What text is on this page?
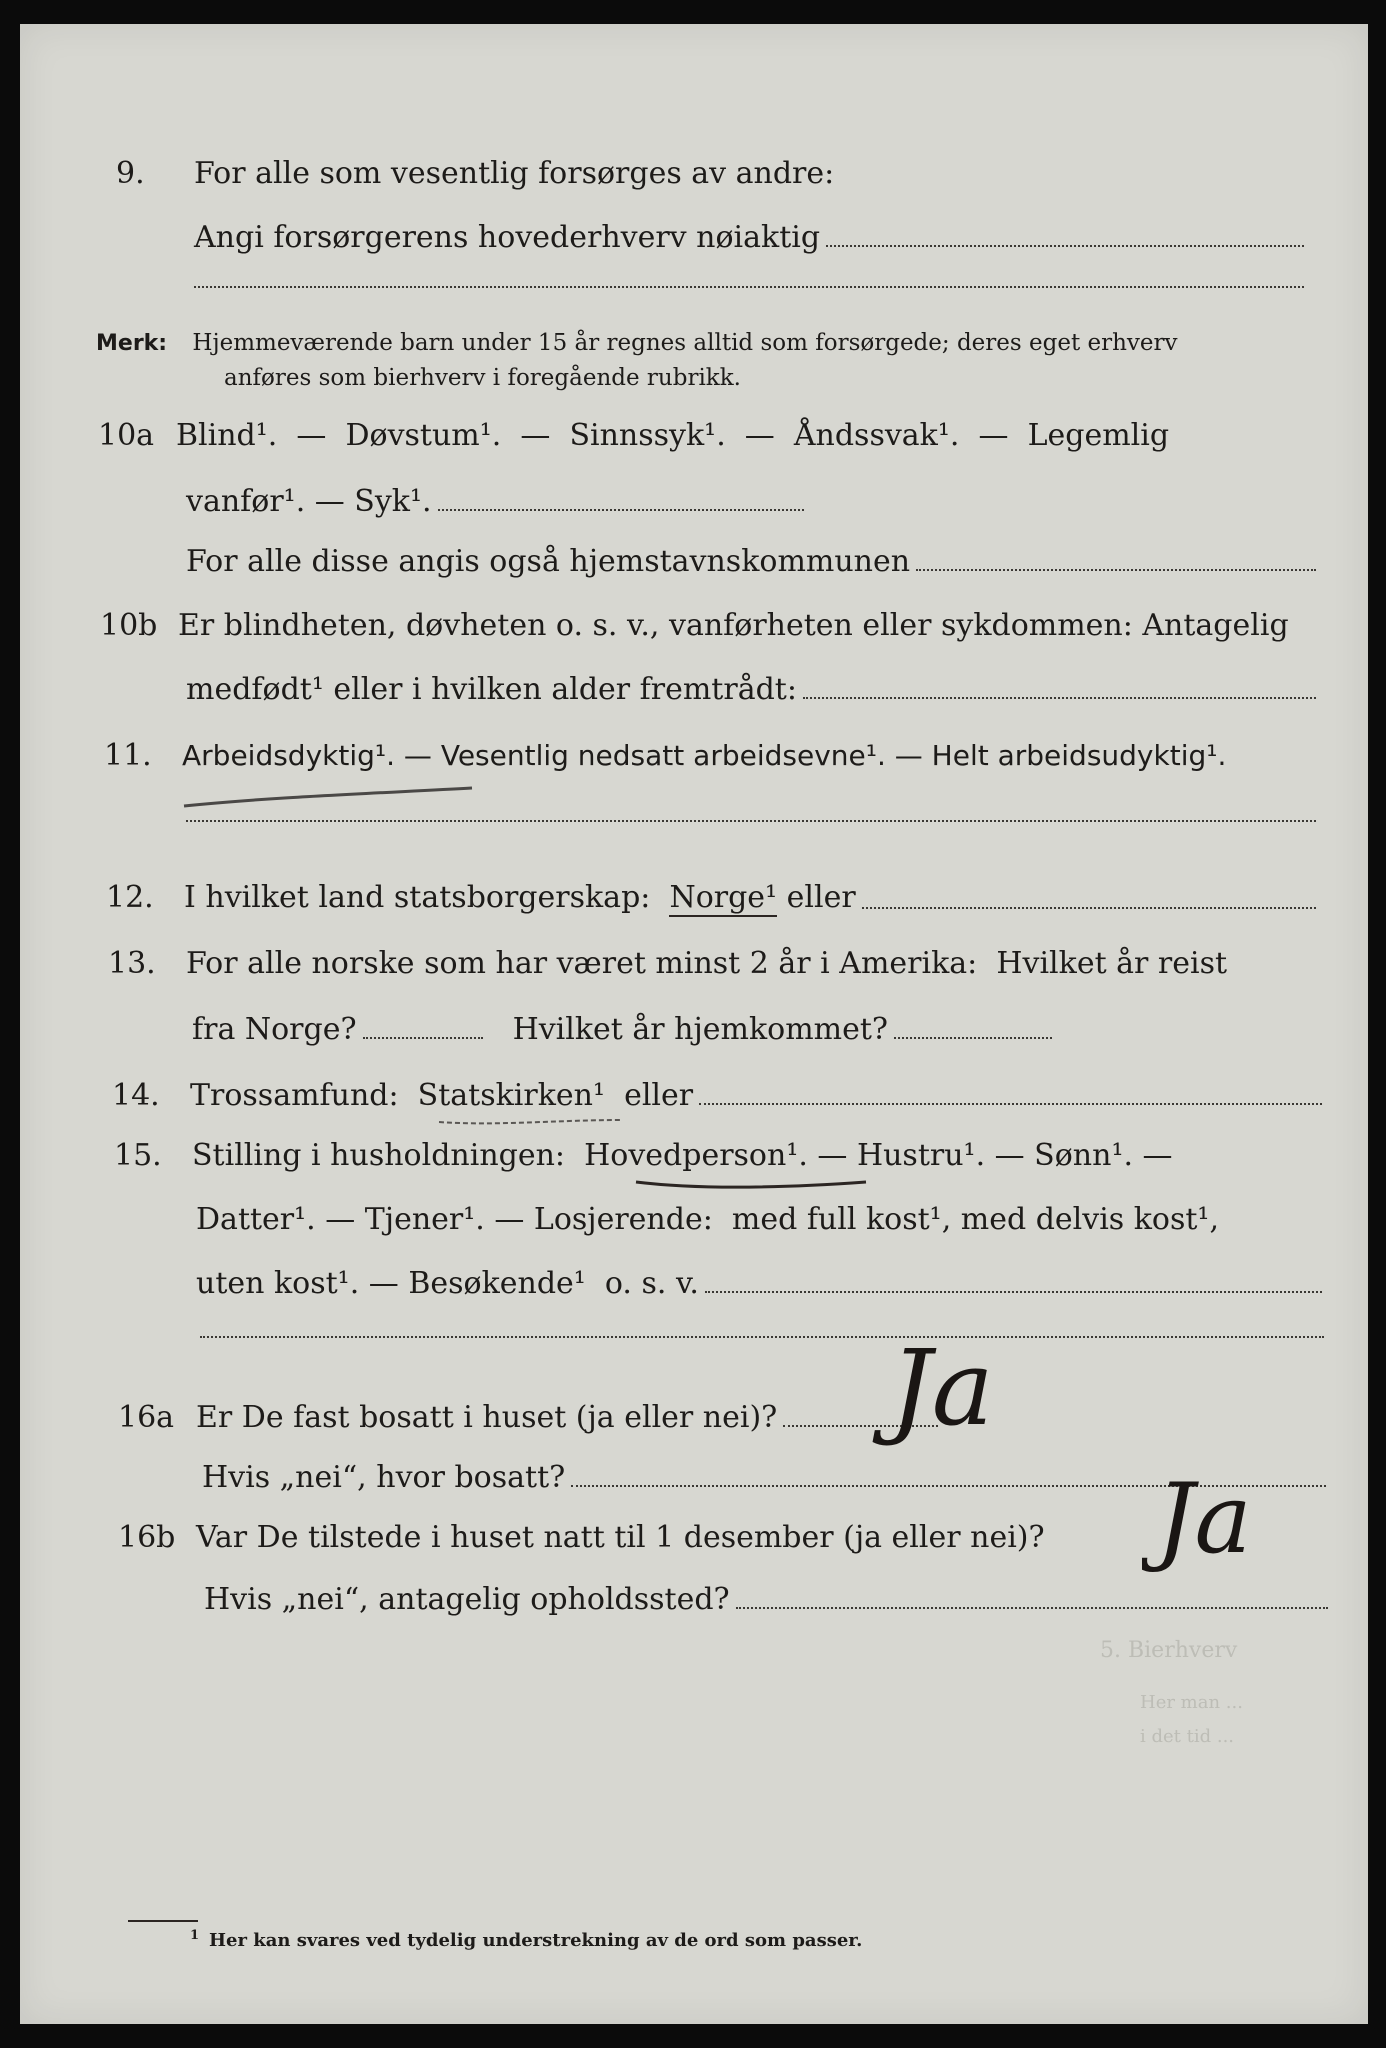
9.	For alle som vesentlig forsørges av andre:
Angi forsørgerens hovederhverv nøiaktig
Merk: Hjemmeværende barn under 15 år regnes alltid som forsørgede; deres eget erhverv
anføres som bierhverv i foregående rubrikk.
10a Blind¹.  —  Døvstum¹.  —  Sinnssyk¹.  —  Åndssvak¹.  —  Legemlig
vanfør¹. — Syk¹.
For alle disse angis også hjemstavnskommunen
10b Er blindheten, døvheten o. s. v., vanførheten eller sykdommen: Antagelig
medfødt¹ eller i hvilken alder fremtrådt:
11.	Arbeidsdyktig¹. — Vesentlig nedsatt arbeidsevne¹. — Helt arbeidsudyktig¹.
12.	I hvilket land statsborgerskap: Norge¹ eller
13.	For alle norske som har været minst 2 år i Amerika:  Hvilket år reist
fra Norge?	Hvilket år hjemkommet?
14.	Trossamfund: Statskirken¹ eller
15.	Stilling i husholdningen: Hovedperson¹ . — Hustru¹. — Sønn¹. —
Datter¹. — Tjener¹. — Losjerende:  med full kost¹, med delvis kost¹,
uten kost¹. — Besøkende¹  o. s. v.
16a Er De fast bosatt i huset (ja eller nei)? Ja
Hvis „nei“, hvor bosatt?
16b Var De tilstede i huset natt til 1 desember (ja eller nei)? Ja
Hvis „nei“, antagelig opholdssted?
5. Bierhverv
Her man ...
i det tid ...
$^1$ Her kan svares ved tydelig understrekning av de ord som passer.
